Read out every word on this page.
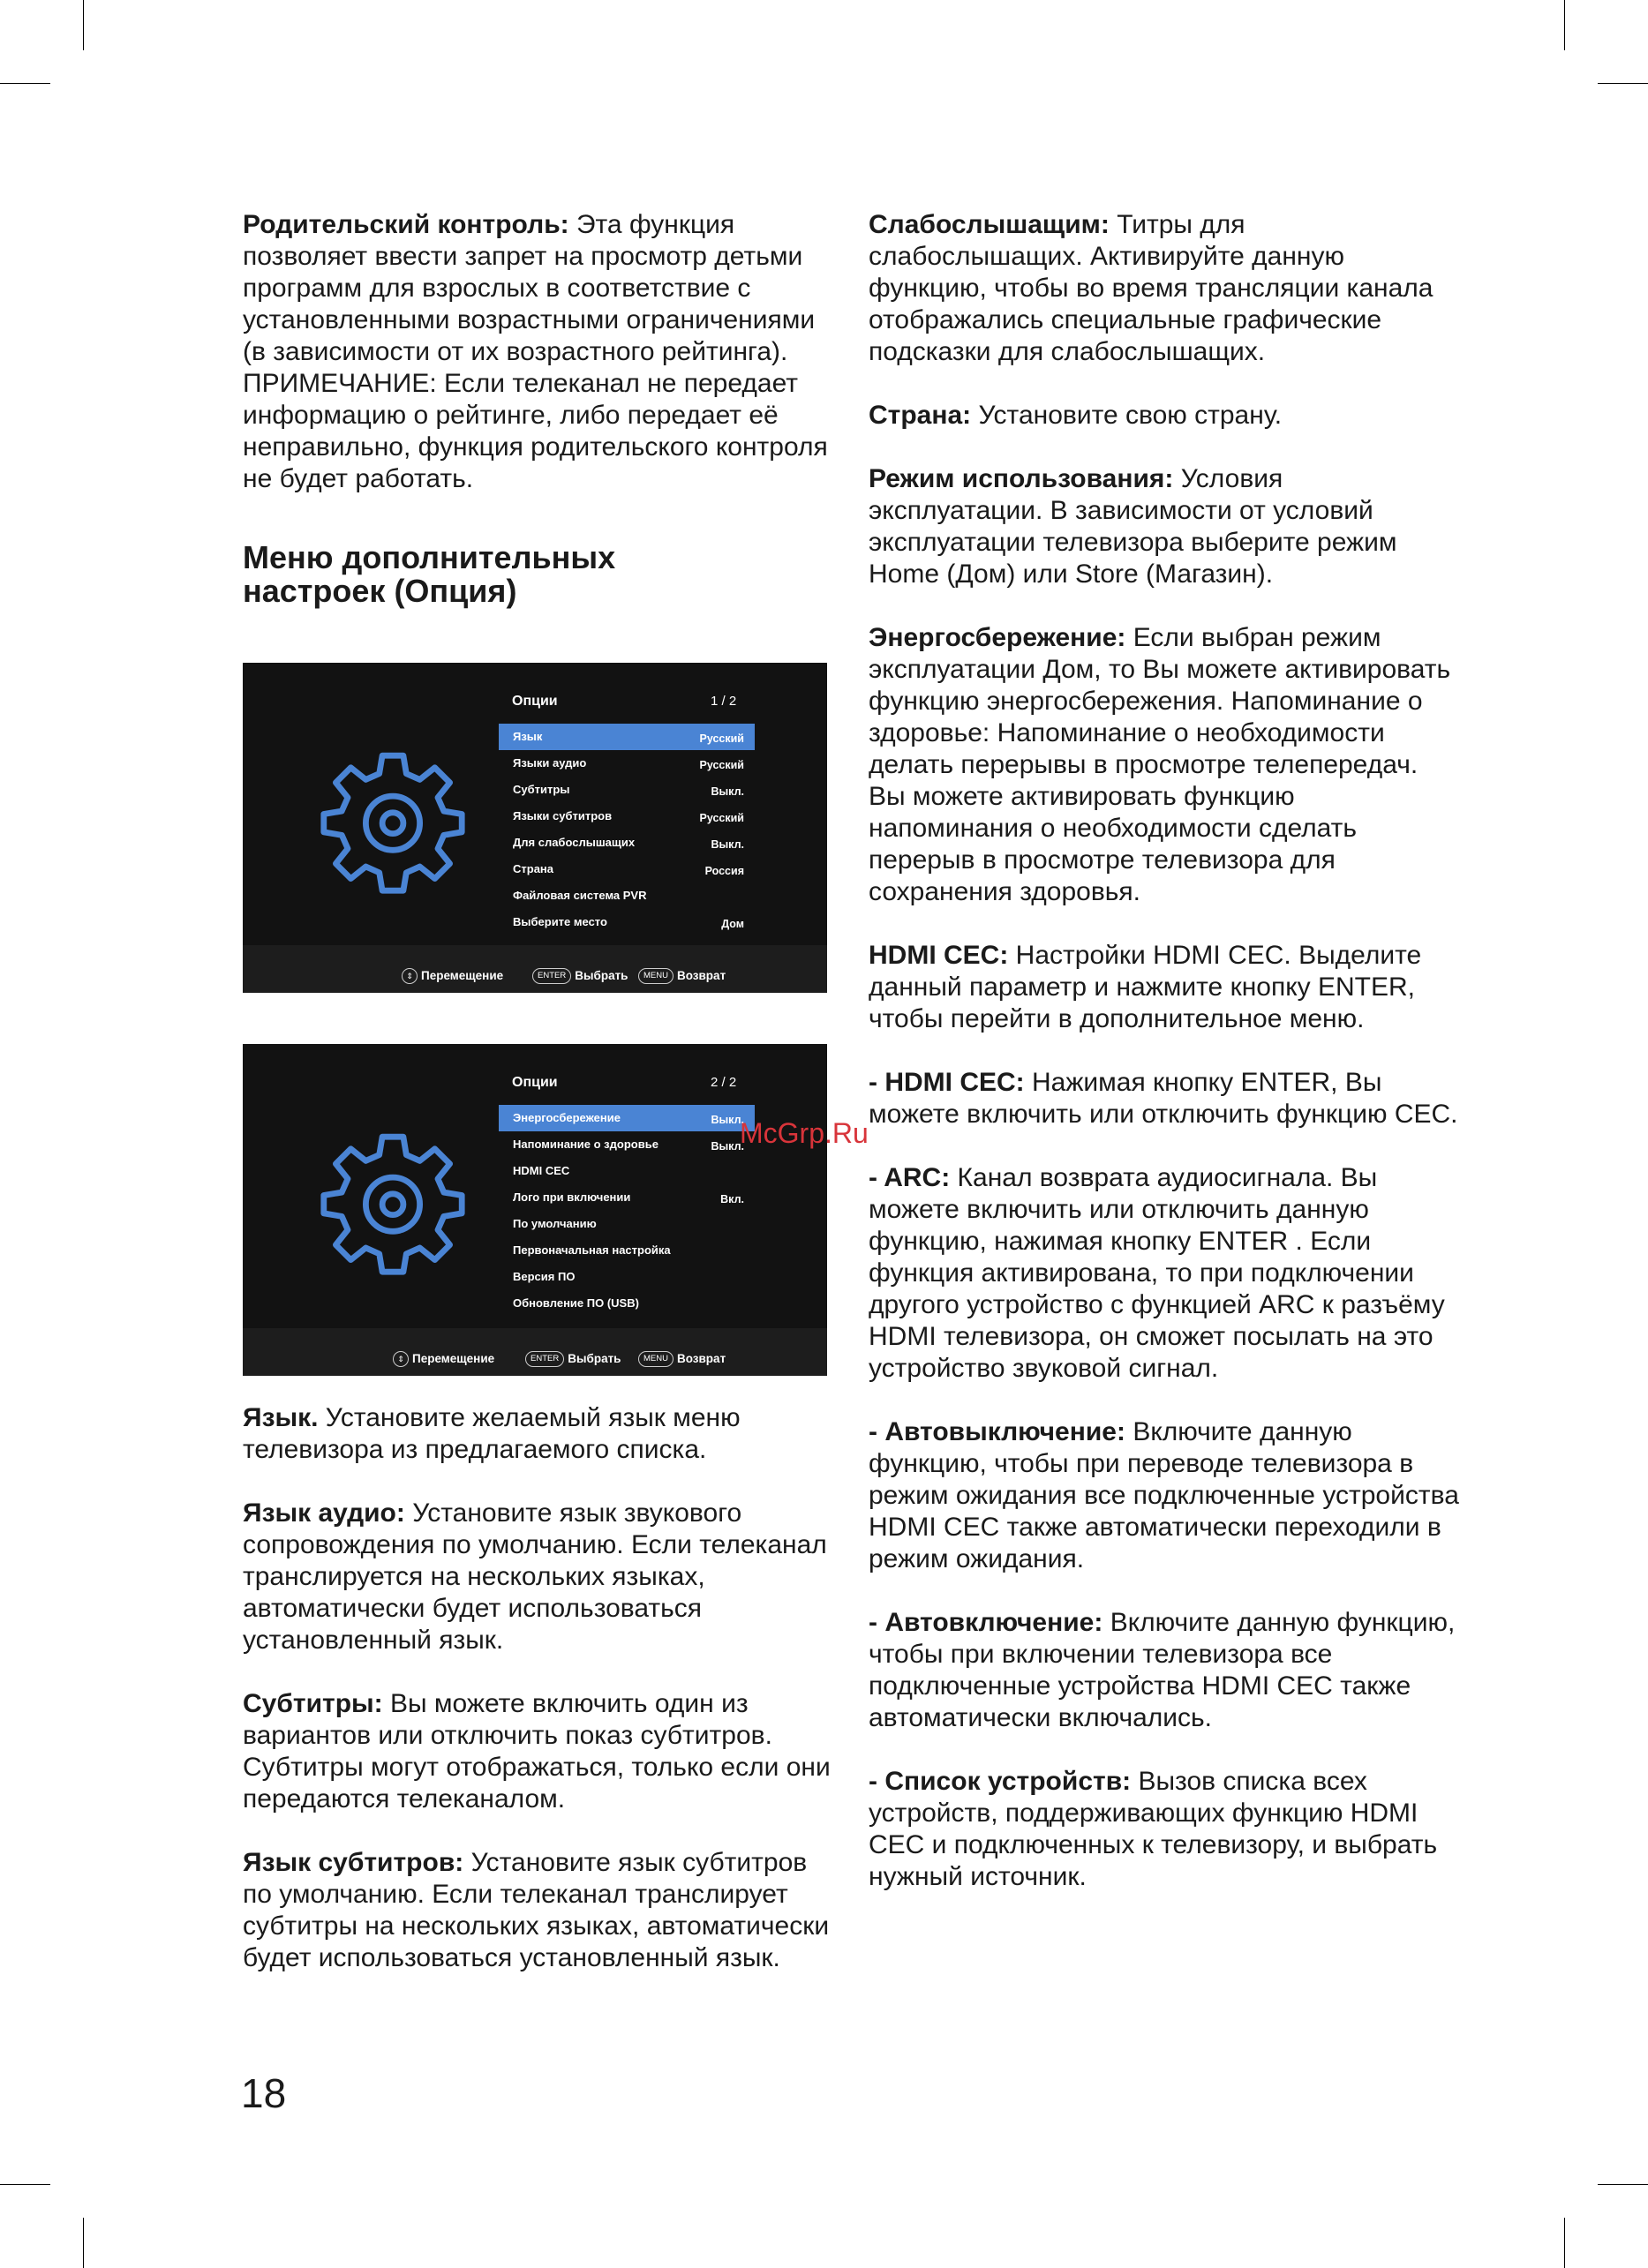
Родительский контроль: Эта функция позволяет ввести запрет на просмотр детьми программ для взрослых в соответствие с установленными возрастными ограничениями (в зависимости от их возрастного рейтинга). ПРИМЕЧАНИЕ: Если телеканал не передает информацию о рейтинге, либо передает её неправильно, функция родительского контроля не будет работать.

Меню дополнительных
настроек (Опция)
Опции	1 / 2
Язык	Русский
Языки аудио	Русский
Субтитры	Выкл.
Языки субтитров	Русский
Для слабослышащих	Выкл.
Страна	Россия
Файловая система PVR
Выберите место	Дом
⇕ Перемещение	ENTER Выбрать	MENU Возврат
Опции	2 / 2
Энергосбережение	Выкл.
Напоминание о здоровье	Выкл.
HDMI CEC
Лого при включении	Вкл.
По умолчанию
Первоначальная настройка
Версия ПО
Обновление ПО (USB)
⇕ Перемещение	ENTER Выбрать	MENU Возврат

Язык. Установите желаемый язык меню телевизора из предлагаемого списка.

Язык аудио: Установите язык звукового сопровождения по умолчанию. Если телеканал транслируется на нескольких языках, автоматически будет использоваться установленный язык.

Субтитры: Вы можете включить один из вариантов или отключить показ субтитров. Субтитры могут отображаться, только если они передаются телеканалом.

Язык субтитров: Установите язык субтитров по умолчанию. Если телеканал транслирует субтитры на нескольких языках, автоматически будет использоваться установленный язык.

Слабослышащим: Титры для слабослышащих. Активируйте данную функцию, чтобы во время трансляции канала отображались специальные графические подсказки для слабослышащих.

Страна: Установите свою страну.

Режим использования: Условия эксплуатации. В зависимости от условий эксплуатации телевизора выберите режим Home (Дом) или Store (Магазин).

Энергосбережение: Если выбран режим эксплуатации Дом, то Вы можете активировать функцию энергосбережения. Напоминание о здоровье: Напоминание о необходимости делать перерывы в просмотре телепередач. Вы можете активировать функцию напоминания о необходимости сделать перерыв в просмотре телевизора для сохранения здоровья.

HDMI CEC: Настройки HDMI CEC. Выделите данный параметр и нажмите кнопку ENTER, чтобы перейти в дополнительное меню.

- HDMI CEC: Нажимая кнопку ENTER, Вы можете включить или отключить функцию CEC.

- ARC: Канал возврата аудиосигнала. Вы можете включить или отключить данную функцию, нажимая кнопку ENTER . Если функция активирована, то при подключении другого устройство с функцией ARC к разъёму HDMI телевизора, он сможет посылать на это устройство звуковой сигнал.

- Автовыключение: Включите данную функцию, чтобы при переводе телевизора в режим ожидания все подключенные устройства HDMI CEC также автоматически переходили в режим ожидания.

- Автовключение: Включите данную функцию, чтобы при включении телевизора все подключенные устройства HDMI CEC также автоматически включались.

- Список устройств: Вызов списка всех устройств, поддерживающих функцию HDMI CEC и подключенных к телевизору, и выбрать нужный источник.

McGrp.Ru
18
